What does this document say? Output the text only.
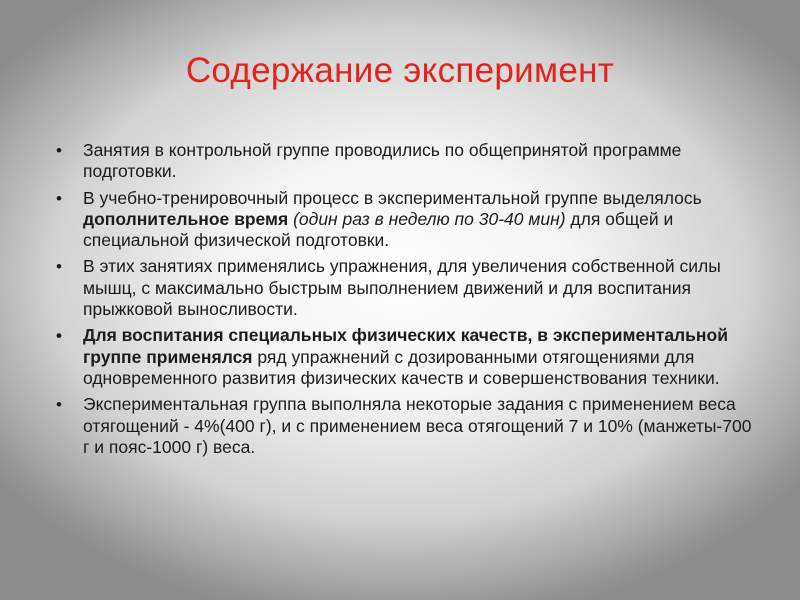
Содержание эксперимент
•	Занятия в контрольной группе проводились по общепринятой программе подготовки.
•	В учебно-тренировочный процесс в экспериментальной группе выделялось дополнительное время (один раз в неделю по 30-40 мин) для общей и специальной физической подготовки.
•	В этих занятиях применялись упражнения, для увеличения собственной силы мышц, с максимально быстрым выполнением движений и для воспитания прыжковой выносливости.
•	Для воспитания специальных физических качеств, в экспериментальной группе применялся ряд упражнений с дозированными отягощениями для одновременного развития физических качеств и совершенствования техники.
•	Экспериментальная группа выполняла некоторые задания с применением веса отягощений - 4%(400 г), и с применением веса отягощений 7 и 10% (манжеты-700 г и пояс-1000 г) веса.
